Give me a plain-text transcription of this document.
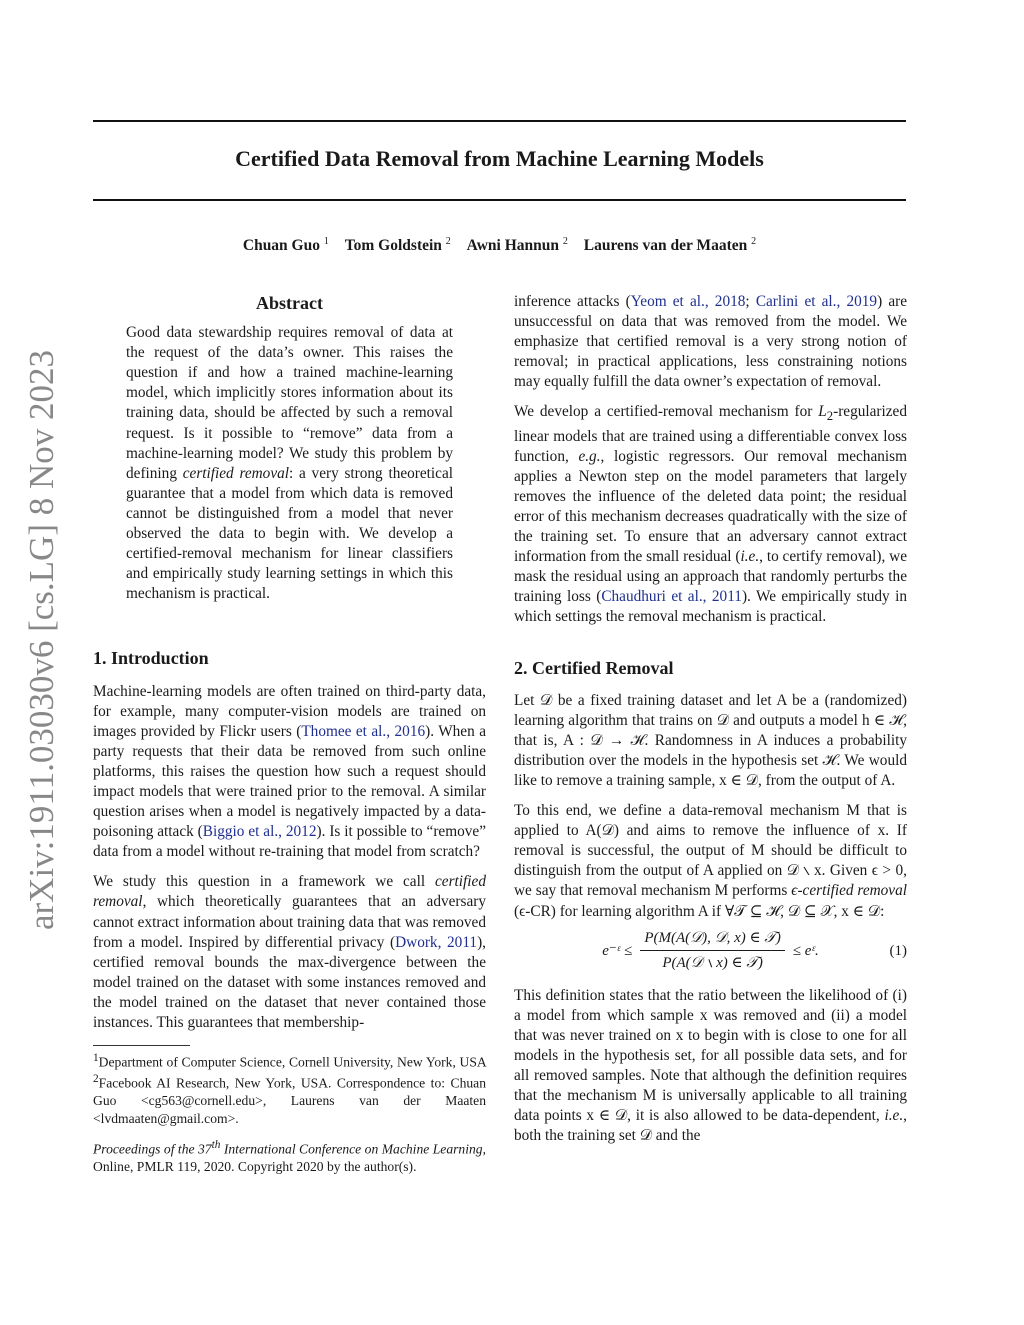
Certified Data Removal from Machine Learning Models
Chuan Guo $^1$ Tom Goldstein $^2$ Awni Hannun $^2$ Laurens van der Maaten $^2$
arXiv:1911.03030v6 [cs.LG] 8 Nov 2023
Abstract

Good data stewardship requires removal of data at the request of the data’s owner. This raises the question if and how a trained machine-learning model, which implicitly stores information about its training data, should be affected by such a removal request. Is it possible to “remove” data from a machine-learning model? We study this problem by defining certified removal: a very strong theoretical guarantee that a model from which data is removed cannot be distinguished from a model that never observed the data to begin with. We develop a certified-removal mechanism for linear classifiers and empirically study learning settings in which this mechanism is practical.

1. Introduction

Machine-learning models are often trained on third-party data, for example, many computer-vision models are trained on images provided by Flickr users (Thomee et al., 2016). When a party requests that their data be removed from such online platforms, this raises the question how such a request should impact models that were trained prior to the removal. A similar question arises when a model is negatively impacted by a data-poisoning attack (Biggio et al., 2012). Is it possible to “remove” data from a model without re-training that model from scratch?

We study this question in a framework we call certified removal, which theoretically guarantees that an adversary cannot extract information about training data that was removed from a model. Inspired by differential privacy (Dwork, 2011), certified removal bounds the max-divergence between the model trained on the dataset with some instances removed and the model trained on the dataset that never contained those instances. This guarantees that membership-

$^1$Department of Computer Science, Cornell University, New York, USA $^2$Facebook AI Research, New York, USA. Correspondence to: Chuan Guo <cg563@cornell.edu>, Laurens van der Maaten <lvdmaaten@gmail.com>.

Proceedings of the 37th International Conference on Machine Learning, Online, PMLR 119, 2020. Copyright 2020 by the author(s).

inference attacks (Yeom et al., 2018; Carlini et al., 2019) are unsuccessful on data that was removed from the model. We emphasize that certified removal is a very strong notion of removal; in practical applications, less constraining notions may equally fulfill the data owner’s expectation of removal.

We develop a certified-removal mechanism for $L_2$-regularized linear models that are trained using a differentiable convex loss function, e.g., logistic regressors. Our removal mechanism applies a Newton step on the model parameters that largely removes the influence of the deleted data point; the residual error of this mechanism decreases quadratically with the size of the training set. To ensure that an adversary cannot extract information from the small residual (i.e., to certify removal), we mask the residual using an approach that randomly perturbs the training loss (Chaudhuri et al., 2011). We empirically study in which settings the removal mechanism is practical.

2. Certified Removal

Let 𝒟 be a fixed training dataset and let A be a (randomized) learning algorithm that trains on 𝒟 and outputs a model h ∈ ℋ, that is, A : 𝒟 → ℋ. Randomness in A induces a probability distribution over the models in the hypothesis set ℋ. We would like to remove a training sample, x ∈ 𝒟, from the output of A.

To this end, we define a data-removal mechanism M that is applied to A(𝒟) and aims to remove the influence of x. If removal is successful, the output of M should be difficult to distinguish from the output of A applied on 𝒟 ∖ x. Given ϵ > 0, we say that removal mechanism M performs ϵ-certified removal (ϵ-CR) for learning algorithm A if ∀𝒯 ⊆ ℋ, 𝒟 ⊆ 𝒳, x ∈ 𝒟:

e⁻ᵋ ≤ $\frac{\text{P(M(A(𝒟), 𝒟, x) ∈ 𝒯)}}{\text{P(A(𝒟 ∖ x) ∈ 𝒯)}}$ ≤ eᵋ.	(1)

This definition states that the ratio between the likelihood of (i) a model from which sample x was removed and (ii) a model that was never trained on x to begin with is close to one for all models in the hypothesis set, for all possible data sets, and for all removed samples. Note that although the definition requires that the mechanism M is universally applicable to all training data points x ∈ 𝒟, it is also allowed to be data-dependent, i.e., both the training set 𝒟 and the
